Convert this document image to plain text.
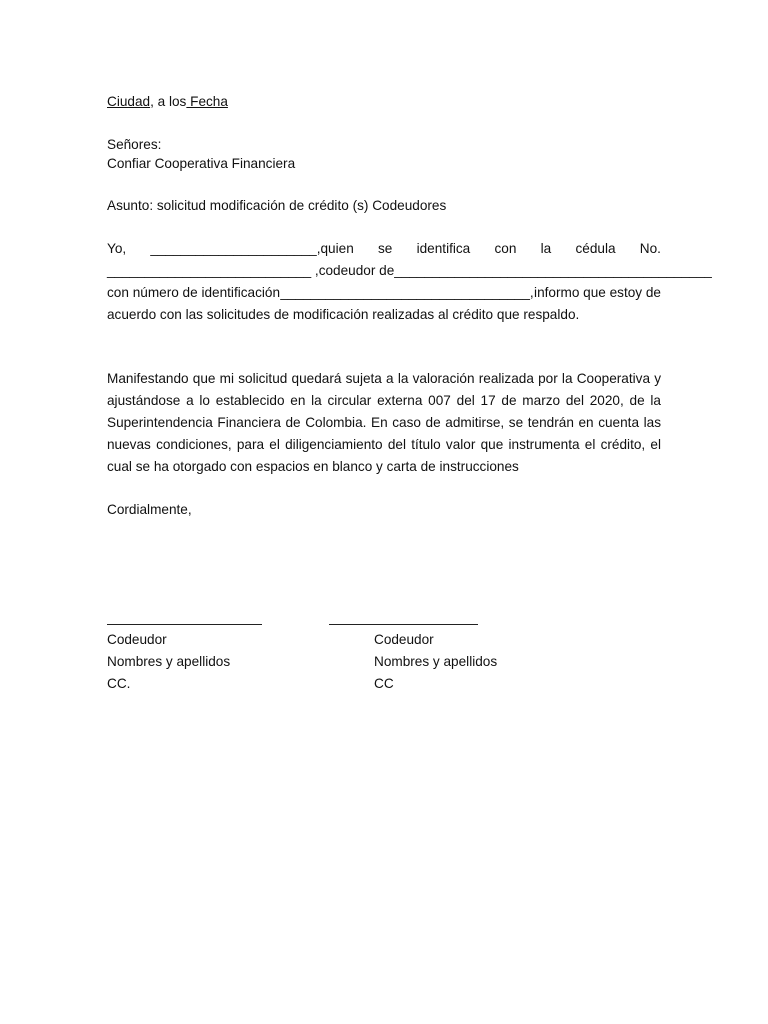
Ciudad, a los Fecha
Señores:
Confiar Cooperativa Financiera
Asunto: solicitud modificación de crédito (s) Codeudores
Yo, ______________________,quien se identifica con la cédula No.
___________________________ , codeudor de __________________________________________
con número de identificación _________________________________, informo que estoy de
acuerdo con las solicitudes de modificación realizadas al crédito que respaldo.
Manifestando que mi solicitud quedará sujeta a la valoración realizada por la Cooperativa y
ajustándose a lo establecido en la circular externa 007 del 17 de marzo del 2020, de la
Superintendencia Financiera de Colombia. En caso de admitirse, se tendrán en cuenta las
nuevas condiciones, para el diligenciamiento del título valor que instrumenta el crédito, el
cual se ha otorgado con espacios en blanco y carta de instrucciones
Cordialmente,
Codeudor
Nombres y apellidos
CC.
Codeudor
Nombres y apellidos
CC
